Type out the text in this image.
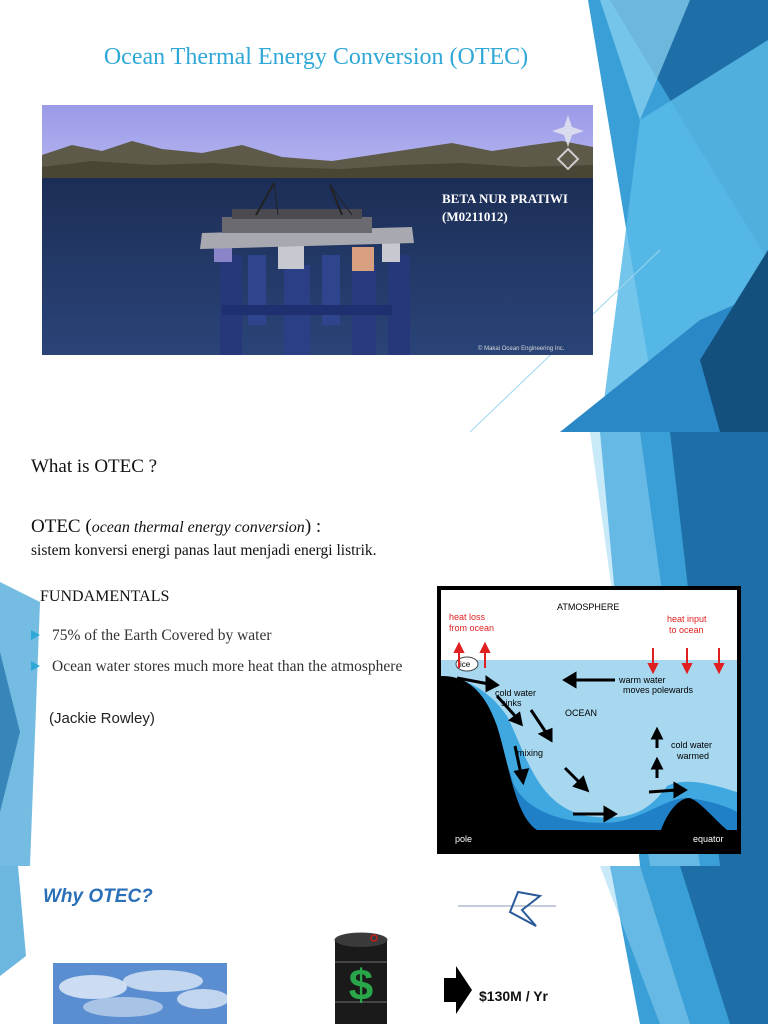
Ocean Thermal Energy Conversion (OTEC)
BETA NUR PRATIWI
(M0211012)
© Makai Ocean Engineering Inc.
What is OTEC ?
OTEC (ocean thermal energy conversion) :
sistem konversi energi panas laut menjadi energi listrik.
FUNDAMENTALS
75% of the Earth Covered by water
Ocean water stores much more heat than the atmosphere
(Jackie Rowley)
heat loss
from ocean
heat input
to ocean
ATMOSPHERE
OCEAN
ice
warm water
moves polewards
cold water
sinks
mixing
cold water
warmed
pole	equator
Why OTEC?
$	$130M / Yr
